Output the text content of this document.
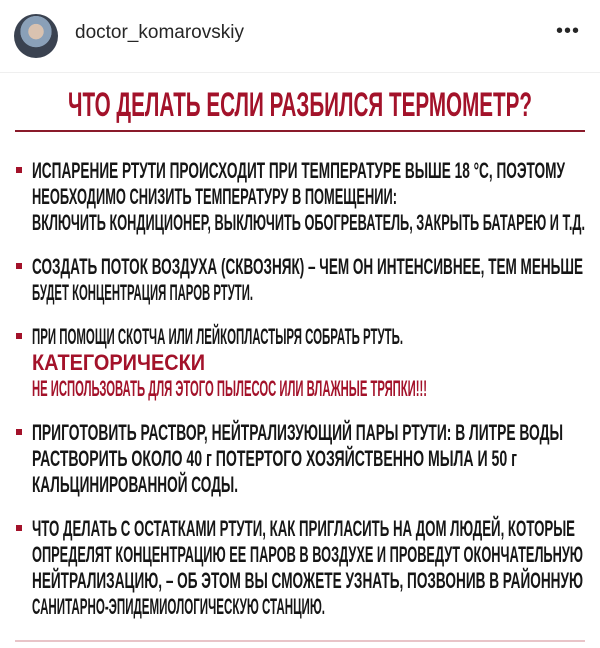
doctor_komarovskiy	•••
ЧТО ДЕЛАТЬ ЕСЛИ РАЗБИЛСЯ ТЕРМОМЕТР?
ИСПАРЕНИЕ РТУТИ ПРОИСХОДИТ ПРИ ТЕМПЕРАТУРЕ ВЫШЕ 18 °С, ПОЭТОМУ
НЕОБХОДИМО СНИЗИТЬ ТЕМПЕРАТУРУ В ПОМЕЩЕНИИ:
ВКЛЮЧИТЬ КОНДИЦИОНЕР, ВЫКЛЮЧИТЬ ОБОГРЕВАТЕЛЬ, ЗАКРЫТЬ БАТАРЕЮ И Т.Д.
СОЗДАТЬ ПОТОК ВОЗДУХА (СКВОЗНЯК) – ЧЕМ ОН ИНТЕНСИВНЕЕ, ТЕМ МЕНЬШЕ
БУДЕТ КОНЦЕНТРАЦИЯ ПАРОВ РТУТИ.
ПРИ ПОМОЩИ СКОТЧА ИЛИ ЛЕЙКОПЛАСТЫРЯ СОБРАТЬ РТУТЬ.
КАТЕГОРИЧЕСКИ
НЕ ИСПОЛЬЗОВАТЬ ДЛЯ ЭТОГО ПЫЛЕСОС ИЛИ ВЛАЖНЫЕ ТРЯПКИ!!!
ПРИГОТОВИТЬ РАСТВОР, НЕЙТРАЛИЗУЮЩИЙ ПАРЫ РТУТИ: В ЛИТРЕ ВОДЫ
РАСТВОРИТЬ ОКОЛО 40 г ПОТЕРТОГО ХОЗЯЙСТВЕННО МЫЛА И 50 г
КАЛЬЦИНИРОВАННОЙ СОДЫ.
ЧТО ДЕЛАТЬ С ОСТАТКАМИ РТУТИ, КАК ПРИГЛАСИТЬ НА ДОМ ЛЮДЕЙ, КОТОРЫЕ
ОПРЕДЕЛЯТ КОНЦЕНТРАЦИЮ ЕЕ ПАРОВ В ВОЗДУХЕ И ПРОВЕДУТ ОКОНЧАТЕЛЬНУЮ
НЕЙТРАЛИЗАЦИЮ, – ОБ ЭТОМ ВЫ СМОЖЕТЕ УЗНАТЬ, ПОЗВОНИВ В РАЙОННУЮ
САНИТАРНО-ЭПИДЕМИОЛОГИЧЕСКУЮ СТАНЦИЮ.
